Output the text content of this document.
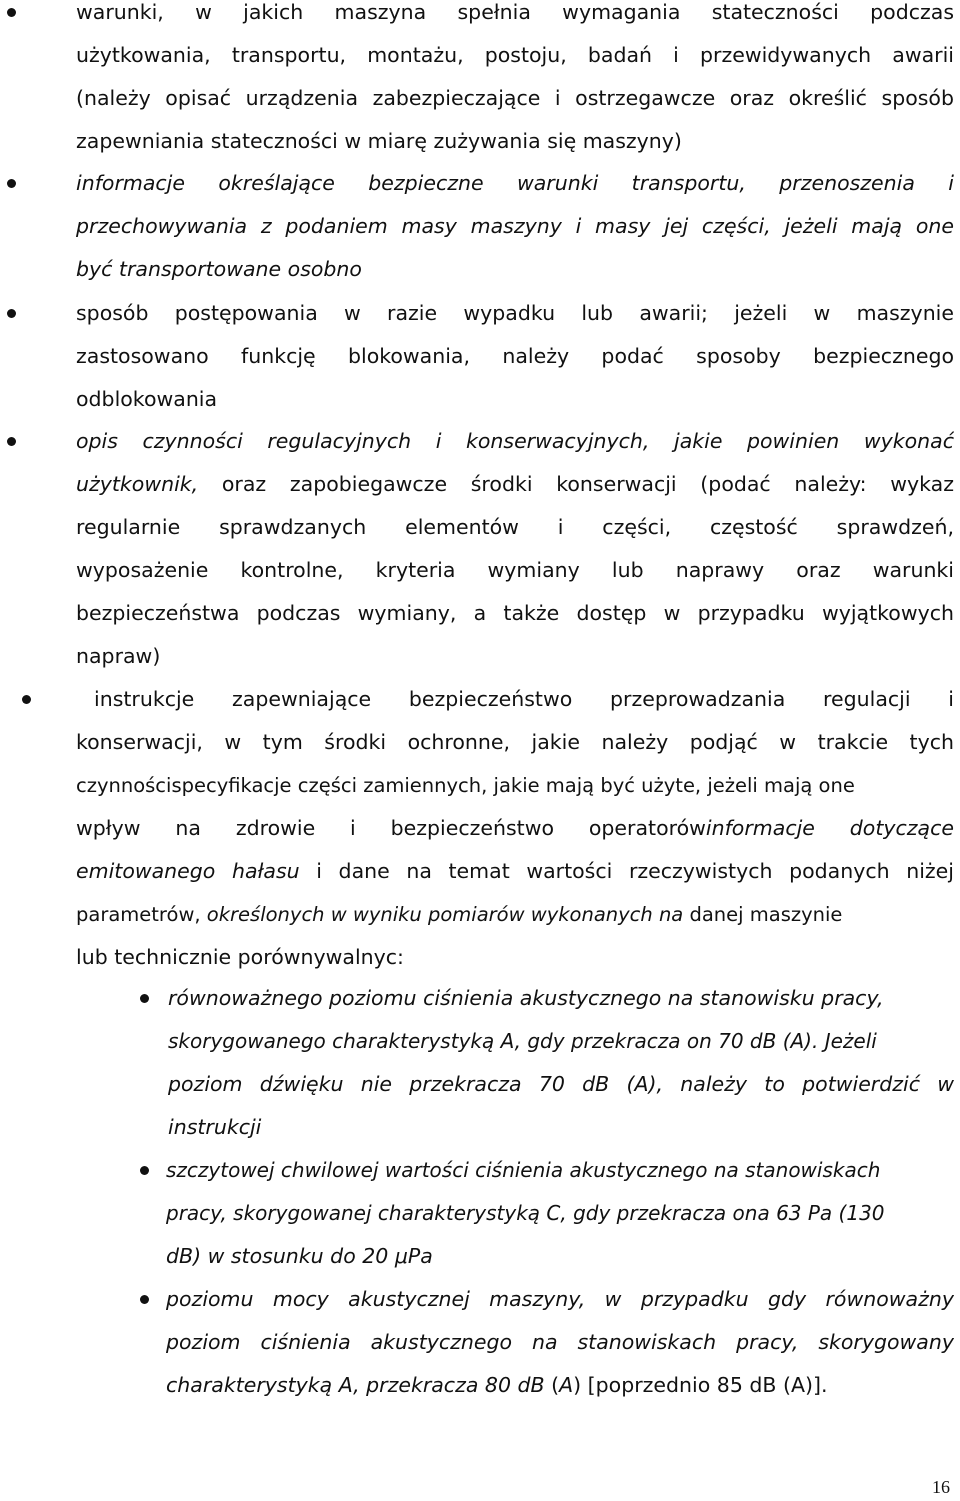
warunki, w jakich maszyna spełnia wymagania stateczności podczas
użytkowania, transportu, montażu, postoju, badań i przewidywanych awarii
(należy opisać urządzenia zabezpieczające i ostrzegawcze oraz określić sposób
zapewniania stateczności w miarę zużywania się maszyny)
informacje określające bezpieczne warunki transportu, przenoszenia i
przechowywania z podaniem masy maszyny i masy jej części, jeżeli mają one
być transportowane osobno
sposób postępowania w razie wypadku lub awarii; jeżeli w maszynie
zastosowano funkcję blokowania, należy podać sposoby bezpiecznego
odblokowania
opis czynności regulacyjnych i konserwacyjnych, jakie powinien wykonać
użytkownik, oraz zapobiegawcze środki konserwacji (podać należy: wykaz
regularnie sprawdzanych elementów i części, częstość sprawdzeń,
wyposażenie kontrolne, kryteria wymiany lub naprawy oraz warunki
bezpieczeństwa podczas wymiany, a także dostęp w przypadku wyjątkowych
napraw)
instrukcje zapewniające bezpieczeństwo przeprowadzania regulacji i
konserwacji, w tym środki ochronne, jakie należy podjąć w trakcie tych
czynnościspecyfikacje części zamiennych, jakie mają być użyte, jeżeli mają one
wpływ na zdrowie i bezpieczeństwo operatorówinformacje dotyczące
emitowanego hałasu i dane na temat wartości rzeczywistych podanych niżej
parametrów, określonych w wyniku pomiarów wykonanych na danej maszynie
lub technicznie porównywalnyc:
równoważnego poziomu ciśnienia akustycznego na stanowisku pracy,
skorygowanego charakterystyką A, gdy przekracza on 70 dB (A). Jeżeli
poziom dźwięku nie przekracza 70 dB (A), należy to potwierdzić w
instrukcji
szczytowej chwilowej wartości ciśnienia akustycznego na stanowiskach
pracy, skorygowanej charakterystyką C, gdy przekracza ona 63 Pa (130
dB) w stosunku do 20 μPa
poziomu mocy akustycznej maszyny, w przypadku gdy równoważny
poziom ciśnienia akustycznego na stanowiskach pracy, skorygowany
charakterystyką A, przekracza 80 dB (A) [poprzednio 85 dB (A)].
16
